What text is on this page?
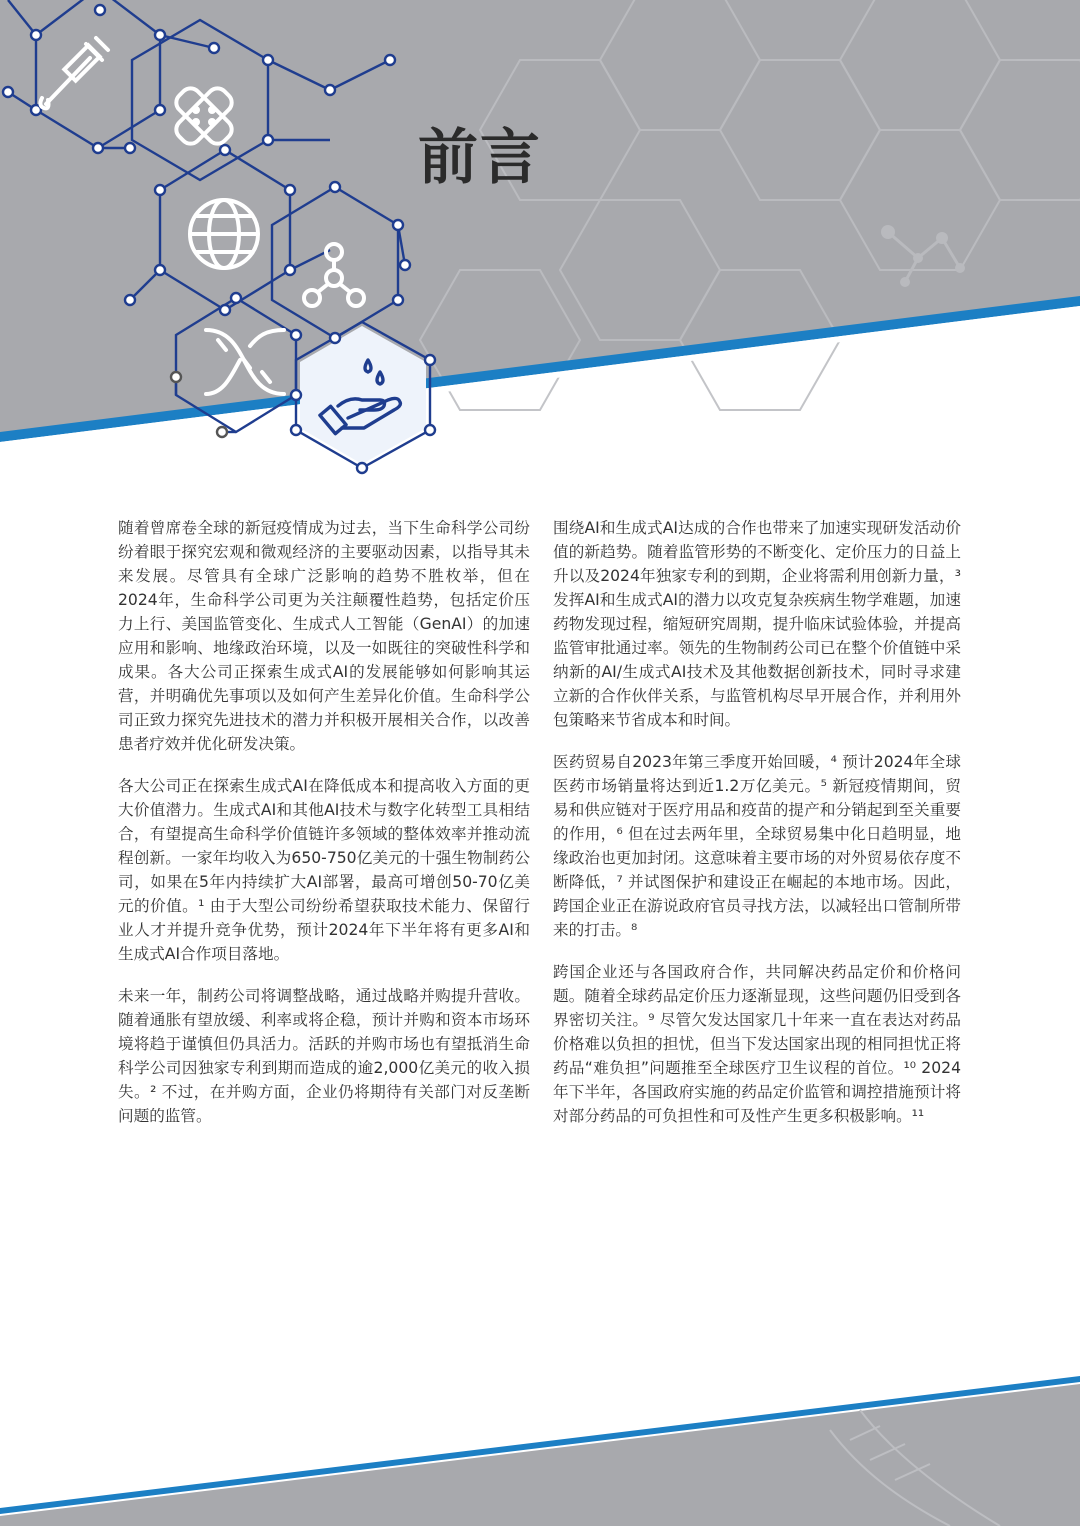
前言

随着曾席卷全球的新冠疫情成为过去，当下生命科学公司纷纷着眼于探究宏观和微观经济的主要驱动因素，以指导其未来发展。尽管具有全球广泛影响的趋势不胜枚举，但在2024年，生命科学公司更为关注颠覆性趋势，包括定价压力上行、美国监管变化、生成式人工智能（GenAI）的加速应用和影响、地缘政治环境，以及一如既往的突破性科学和成果。各大公司正探索生成式AI的发展能够如何影响其运营，并明确优先事项以及如何产生差异化价值。生命科学公司正致力探究先进技术的潜力并积极开展相关合作，以改善患者疗效并优化研发决策。

各大公司正在探索生成式AI在降低成本和提高收入方面的更大价值潜力。生成式AI和其他AI技术与数字化转型工具相结合，有望提高生命科学价值链许多领域的整体效率并推动流程创新。一家年均收入为650-750亿美元的十强生物制药公司，如果在5年内持续扩大AI部署，最高可增创50-70亿美元的价值。¹ 由于大型公司纷纷希望获取技术能力、保留行业人才并提升竞争优势，预计2024年下半年将有更多AI和生成式AI合作项目落地。

未来一年，制药公司将调整战略，通过战略并购提升营收。随着通胀有望放缓、利率或将企稳，预计并购和资本市场环境将趋于谨慎但仍具活力。活跃的并购市场也有望抵消生命科学公司因独家专利到期而造成的逾2,000亿美元的收入损失。² 不过，在并购方面，企业仍将期待有关部门对反垄断问题的监管。

围绕AI和生成式AI达成的合作也带来了加速实现研发活动价值的新趋势。随着监管形势的不断变化、定价压力的日益上升以及2024年独家专利的到期，企业将需利用创新力量，³ 发挥AI和生成式AI的潜力以攻克复杂疾病生物学难题，加速药物发现过程，缩短研究周期，提升临床试验体验，并提高监管审批通过率。领先的生物制药公司已在整个价值链中采纳新的AI/生成式AI技术及其他数据创新技术，同时寻求建立新的合作伙伴关系，与监管机构尽早开展合作，并利用外包策略来节省成本和时间。

医药贸易自2023年第三季度开始回暖，⁴ 预计2024年全球医药市场销量将达到近1.2万亿美元。⁵ 新冠疫情期间，贸易和供应链对于医疗用品和疫苗的提产和分销起到至关重要的作用，⁶ 但在过去两年里，全球贸易集中化日趋明显，地缘政治也更加封闭。这意味着主要市场的对外贸易依存度不断降低，⁷ 并试图保护和建设正在崛起的本地市场。因此，跨国企业正在游说政府官员寻找方法，以减轻出口管制所带来的打击。⁸

跨国企业还与各国政府合作，共同解决药品定价和价格问题。随着全球药品定价压力逐渐显现，这些问题仍旧受到各界密切关注。⁹ 尽管欠发达国家几十年来一直在表达对药品价格难以负担的担忧，但当下发达国家出现的相同担忧正将药品“难负担”问题推至全球医疗卫生议程的首位。¹⁰ 2024年下半年，各国政府实施的药品定价监管和调控措施预计将对部分药品的可负担性和可及性产生更多积极影响。¹¹
